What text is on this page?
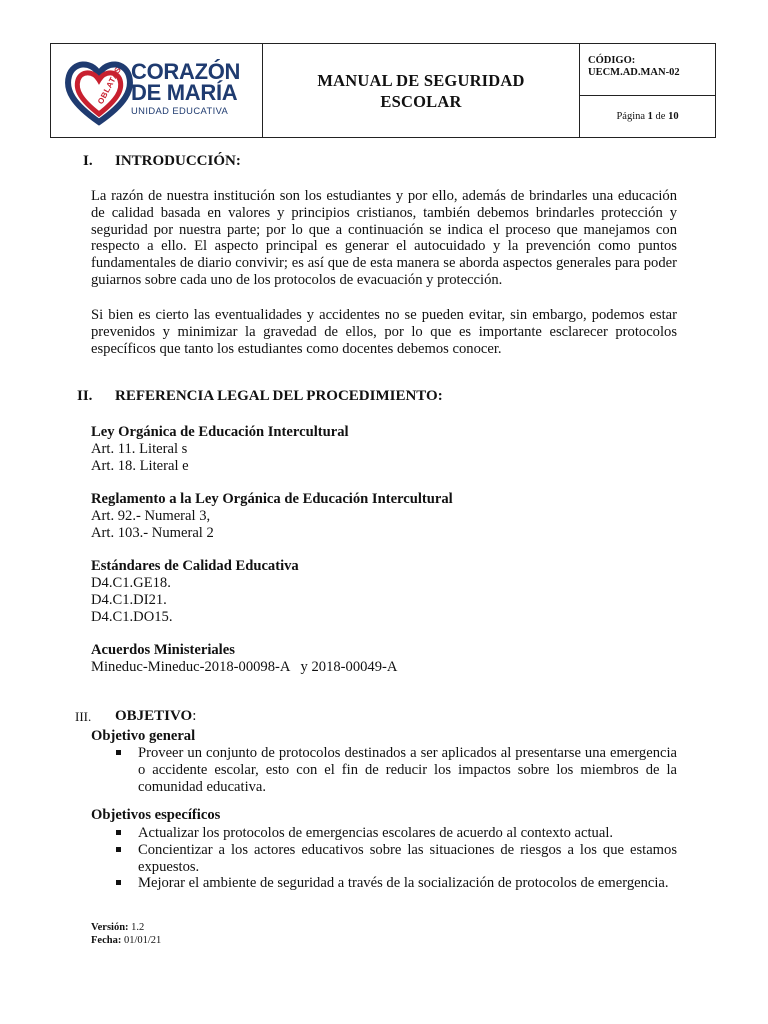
OBLATAS CORAZÓN
DE MARÍA
UNIDAD EDUCATIVA
MANUAL DE SEGURIDAD
ESCOLAR
CÓDIGO:
UECM.AD.MAN-02
Página
1
de
10
I. INTRODUCCIÓN:
La razón de nuestra institución son los estudiantes y por ello, además de brindarles una educación de calidad basada en valores y principios cristianos, también debemos brindarles protección y seguridad por nuestra parte; por lo que a continuación se indica el proceso que manejamos con respecto a ello. El aspecto principal es generar el autocuidado y la prevención como puntos fundamentales de diario convivir; es así que de esta manera se aborda aspectos generales para poder guiarnos sobre cada uno de los protocolos de evacuación y protección.
Si bien es cierto las eventualidades y accidentes no se pueden evitar, sin embargo, podemos estar prevenidos y minimizar la gravedad de ellos, por lo que es importante esclarecer protocolos específicos que tanto los estudiantes como docentes debemos conocer.
II. REFERENCIA LEGAL DEL PROCEDIMIENTO:
Ley Orgánica de Educación Intercultural
Art. 11. Literal s
Art. 18. Literal e
Reglamento a la Ley Orgánica de Educación Intercultural
Art. 92.- Numeral 3,
Art. 103.- Numeral 2
Estándares de Calidad Educativa
D4.C1.GE18.
D4.C1.DI21.
D4.C1.DO15.
Acuerdos Ministeriales
Mineduc-Mineduc-2018-00098-A   y 2018-00049-A
III. OBJETIVO:
Objetivo general
Proveer un conjunto de protocolos destinados a ser aplicados al presentarse una emergencia o accidente escolar, esto con el fin de reducir los impactos sobre los miembros de la comunidad educativa.
Objetivos específicos
Actualizar los protocolos de emergencias escolares de acuerdo al contexto actual.
Concientizar a los actores educativos sobre las situaciones de riesgos a los que estamos expuestos.
Mejorar el ambiente de seguridad a través de la socialización de protocolos de emergencia.
Versión: 1.2
Fecha: 01/01/21
